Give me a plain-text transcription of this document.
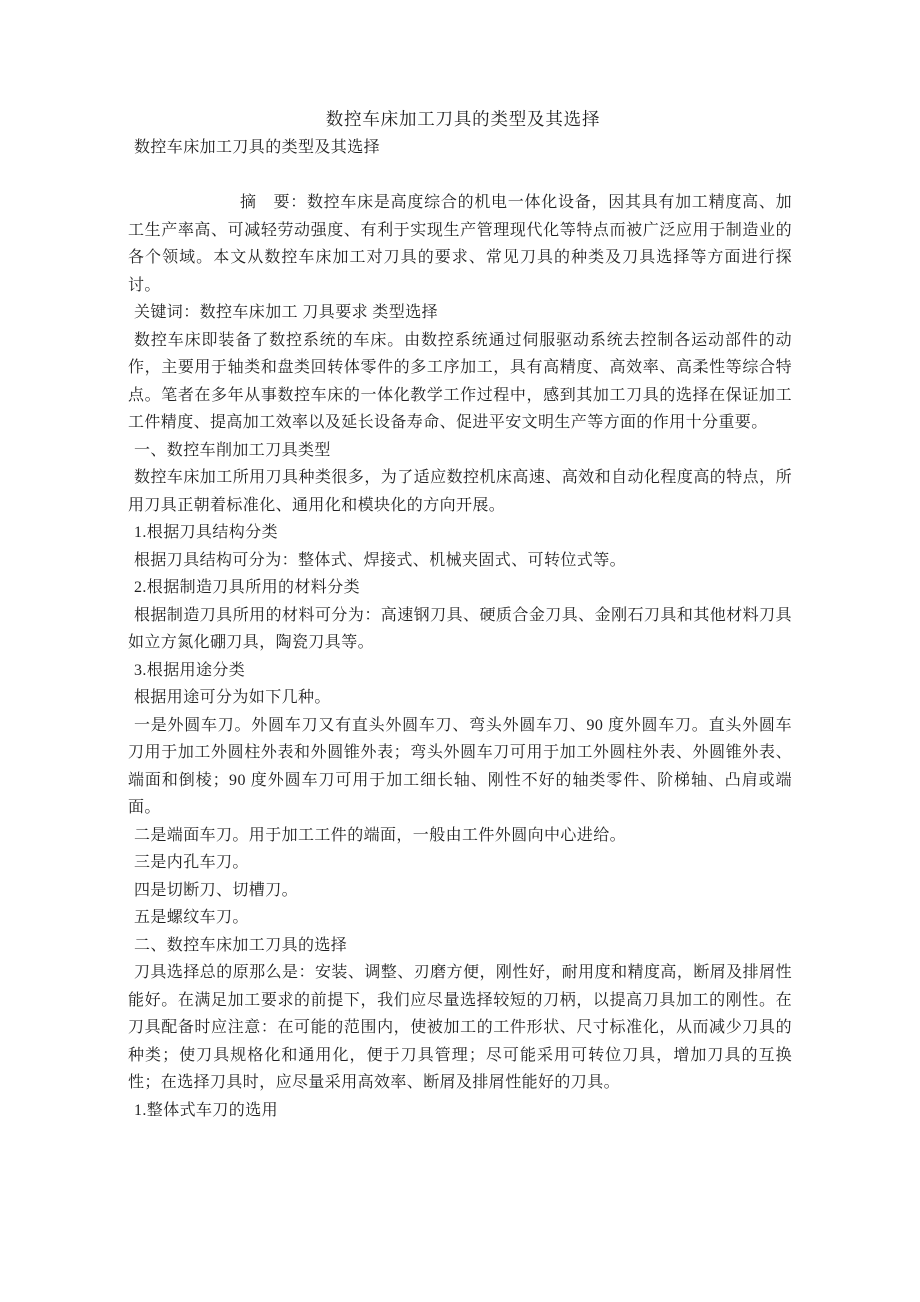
数控车床加工刀具的类型及其选择

数控车床加工刀具的类型及其选择

摘　要：数控车床是高度综合的机电一体化设备，因其具有加工精度高、加工生产率高、可减轻劳动强度、有利于实现生产管理现代化等特点而被广泛应用于制造业的各个领域。本文从数控车床加工对刀具的要求、常见刀具的种类及刀具选择等方面进行探讨。

关键词：数控车床加工 刀具要求 类型选择

数控车床即装备了数控系统的车床。由数控系统通过伺服驱动系统去控制各运动部件的动作，主要用于轴类和盘类回转体零件的多工序加工，具有高精度、高效率、高柔性等综合特点。笔者在多年从事数控车床的一体化教学工作过程中，感到其加工刀具的选择在保证加工工件精度、提高加工效率以及延长设备寿命、促进平安文明生产等方面的作用十分重要。

一、数控车削加工刀具类型

数控车床加工所用刀具种类很多，为了适应数控机床高速、高效和自动化程度高的特点，所用刀具正朝着标准化、通用化和模块化的方向开展。

1.根据刀具结构分类

根据刀具结构可分为：整体式、焊接式、机械夹固式、可转位式等。

2.根据制造刀具所用的材料分类

根据制造刀具所用的材料可分为：高速钢刀具、硬质合金刀具、金刚石刀具和其他材料刀具如立方氮化硼刀具，陶瓷刀具等。

3.根据用途分类

根据用途可分为如下几种。

一是外圆车刀。外圆车刀又有直头外圆车刀、弯头外圆车刀、90 度外圆车刀。直头外圆车刀用于加工外圆柱外表和外圆锥外表；弯头外圆车刀可用于加工外圆柱外表、外圆锥外表、端面和倒棱；90 度外圆车刀可用于加工细长轴、刚性不好的轴类零件、阶梯轴、凸肩或端面。

二是端面车刀。用于加工工件的端面，一般由工件外圆向中心进给。

三是内孔车刀。

四是切断刀、切槽刀。

五是螺纹车刀。

二、数控车床加工刀具的选择

刀具选择总的原那么是：安装、调整、刃磨方便，刚性好，耐用度和精度高，断屑及排屑性能好。在满足加工要求的前提下，我们应尽量选择较短的刀柄，以提高刀具加工的刚性。在刀具配备时应注意：在可能的范围内，使被加工的工件形状、尺寸标准化，从而减少刀具的种类；使刀具规格化和通用化，便于刀具管理；尽可能采用可转位刀具，增加刀具的互换性；在选择刀具时，应尽量采用高效率、断屑及排屑性能好的刀具。

1.整体式车刀的选用
